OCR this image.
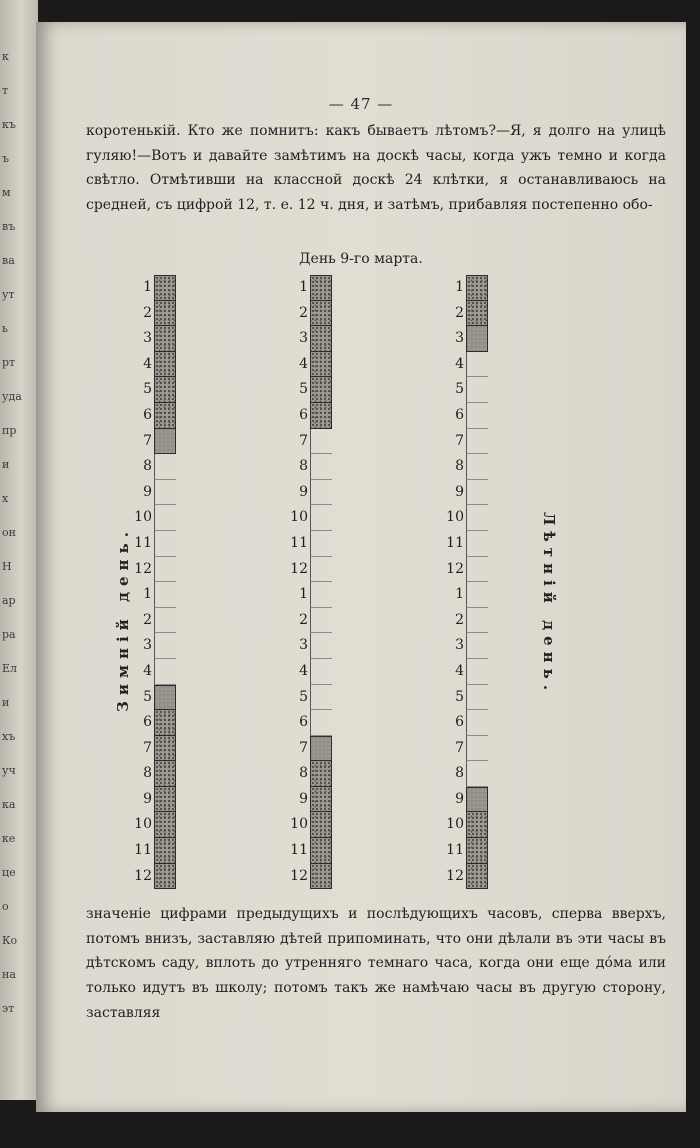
к
т
къ
ъ
м
въ
ва
ут
ь
рт
уда
пр
и
х
он
Н
ар
ра
Ел
и
хъ
уч
ка
ке
це
о
Ко
на
эт
— 47 —

коротенькій. Кто же помнитъ: какъ бываетъ лѣтомъ?—Я, я долго на улицѣ гуляю!—Вотъ и давайте замѣтимъ на доскѣ часы, когда ужъ темно и когда свѣтло. Отмѣтивши на классной доскѣ 24 клѣтки, я останавливаюсь на средней, съ цифрой 12, т. е. 12 ч. дня, и затѣмъ, прибавляя постепенно обо-

День 9-го марта.
Зимній день.	Лѣтній день.
1
2
3
4
5
6
7
8
9
10
11
12
1
2
3
4
5
6
7
8
9
10
11
12
1
2
3
4
5
6
7
8
9
10
11
12
1
2
3
4
5
6
7
8
9
10
11
12
1
2
3
4
5
6
7
8
9
10
11
12
1
2
3
4
5
6
7
8
9
10
11
12

значеніе цифрами предыдущихъ и послѣдующихъ часовъ, сперва вверхъ, потомъ внизъ, заставляю дѣтей припоминать, что они дѣлали въ эти часы въ дѣтскомъ саду, вплоть до утренняго темнаго часа, когда они еще дóма или только идутъ въ школу; потомъ такъ же намѣчаю часы въ другую сторону, заставляя
